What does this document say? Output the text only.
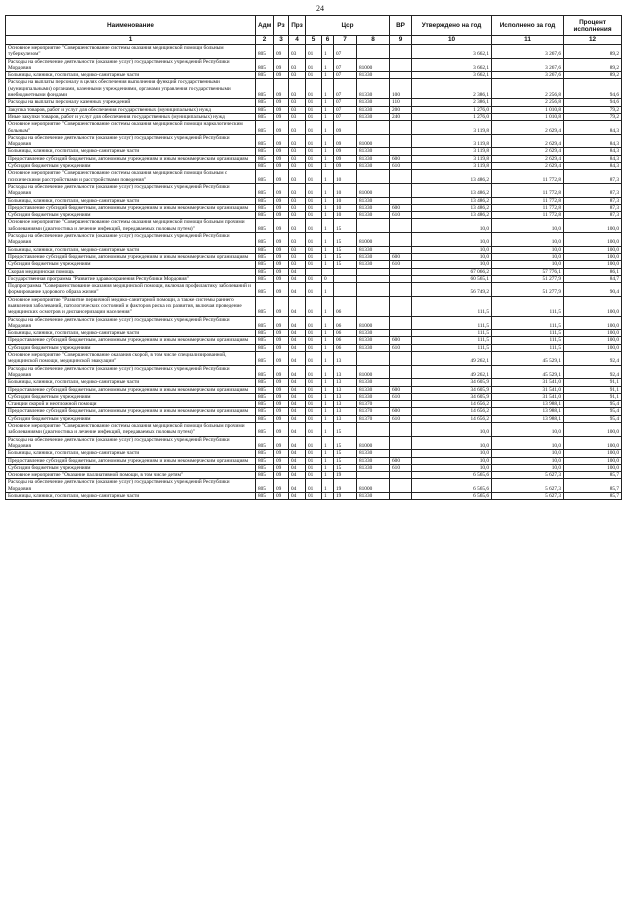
24
Наименование	Адм	Рз	Прз	Цср				ВР	Утверждено на год	Исполнено за год	Процент исполнения
1	2	3	4	5	6	7	8	9	10	11	12
Основное мероприятие "Совершенствование системы оказания медицинской помощи больным туберкулезом"	805	09	03	01	1	07			3 662,1	3 267,6	89,2
Расходы на обеспечение деятельности (оказание услуг) государственных учреждений Республики Мордовия	805	09	03	01	1	07	81000		3 662,1	3 267,6	89,2
Больницы, клиники, госпитали, медико-санитарные части	805	09	03	01	1	07	81330		3 662,1	3 267,6	89,2
Расходы на выплаты персоналу в целях обеспечения выполнения функций государственными (муниципальными) органами, казенными учреждениями, органами управления государственными внебюджетными фондами	805	09	03	01	1	07	81330	100	2 386,1	2 256,8	94,6
Расходы на выплаты персоналу казенных учреждений	805	09	03	01	1	07	81330	110	2 386,1	2 256,8	94,6
Закупка товаров, работ и услуг для обеспечения государственных (муниципальных) нужд	805	09	03	01	1	07	81330	200	1 276,0	1 010,8	79,2
Иные закупки товаров, работ и услуг для обеспечения государственных (муниципальных) нужд	805	09	03	01	1	07	81330	240	1 276,0	1 010,8	79,2
Основное мероприятие "Совершенствование системы оказания медицинской помощи наркологическим больным"	805	09	03	01	1	09			3 119,8	2 629,4	84,3
Расходы на обеспечение деятельности (оказание услуг) государственных учреждений Республики Мордовия	805	09	03	01	1	09	81000		3 119,8	2 629,4	84,3
Больницы, клиники, госпитали, медико-санитарные части	805	09	03	01	1	09	81330		3 119,8	2 629,4	84,3
Предоставление субсидий бюджетным, автономным учреждениям и иным некоммерческим организациям	805	09	03	01	1	09	81330	600	3 119,8	2 629,4	84,3
Субсидии бюджетным учреждениям	805	09	03	01	1	09	81330	610	3 119,8	2 629,4	84,3
Основное мероприятие "Совершенствование системы оказания медицинской помощи больным с психическими расстройствами и расстройствами поведения"	805	09	03	01	1	10			13 486,2	11 772,8	87,3
Расходы на обеспечение деятельности (оказание услуг) государственных учреждений Республики Мордовия	805	09	03	01	1	10	81000		13 486,2	11 772,8	87,3
Больницы, клиники, госпитали, медико-санитарные части	805	09	03	01	1	10	81330		13 486,2	11 772,8	87,3
Предоставление субсидий бюджетным, автономным учреждениям и иным некоммерческим организациям	805	09	03	01	1	10	81330	600	13 486,2	11 772,8	87,3
Субсидии бюджетным учреждениям	805	09	03	01	1	10	81330	610	13 486,2	11 772,8	87,3
Основное мероприятие "Совершенствование системы оказания медицинской помощи больным прочими заболеваниями (диагностика и лечение инфекций, передаваемых половым путем)"	805	09	03	01	1	15			10,0	10,0	100,0
Расходы на обеспечение деятельности (оказание услуг) государственных учреждений Республики Мордовия	805	09	03	01	1	15	81000		10,0	10,0	100,0
Больницы, клиники, госпитали, медико-санитарные части	805	09	03	01	1	15	81330		10,0	10,0	100,0
Предоставление субсидий бюджетным, автономным учреждениям и иным некоммерческим организациям	805	09	03	01	1	15	81330	600	10,0	10,0	100,0
Субсидии бюджетным учреждениям	805	09	03	01	1	15	81330	610	10,0	10,0	100,0
Скорая медицинская помощь	805	09	04						67 066,2	57 776,1	86,1
Государственная программа "Развитие здравоохранения Республики Мордовия"	805	09	04	01	0				60 565,1	51 277,9	84,7
Подпрограмма "Совершенствование оказания медицинской помощи, включая профилактику заболеваний и формирование здорового образа жизни"	805	09	04	01	1				56 749,2	51 277,9	90,4
Основное мероприятие "Развитие первичной медико-санитарной помощи, а также системы раннего выявления заболеваний, патологических состояний и факторов риска их развития, включая проведение медицинских осмотров и диспансеризации населения"	805	09	04	01	1	06			111,5	111,5	100,0
Расходы на обеспечение деятельности (оказание услуг) государственных учреждений Республики Мордовия	805	09	04	01	1	06	81000		111,5	111,5	100,0
Больницы, клиники, госпитали, медико-санитарные части	805	09	04	01	1	06	81330		111,5	111,5	100,0
Предоставление субсидий бюджетным, автономным учреждениям и иным некоммерческим организациям	805	09	04	01	1	06	81330	600	111,5	111,5	100,0
Субсидии бюджетным учреждениям	805	09	04	01	1	06	81330	610	111,5	111,5	100,0
Основное мероприятие "Совершенствование оказания скорой, в том числе специализированной, медицинской помощи, медицинской эвакуации"	805	09	04	01	1	13			49 262,1	45 529,1	92,4
Расходы на обеспечение деятельности (оказание услуг) государственных учреждений Республики Мордовия	805	09	04	01	1	13	81000		49 262,1	45 529,1	92,4
Больницы, клиники, госпитали, медико-санитарные части	805	09	04	01	1	13	81330		34 605,9	31 541,0	91,1
Предоставление субсидий бюджетным, автономным учреждениям и иным некоммерческим организациям	805	09	04	01	1	13	81330	600	34 605,9	31 541,0	91,1
Субсидии бюджетным учреждениям	805	09	04	01	1	13	81330	610	34 605,9	31 541,0	91,1
Станции скорой и неотложной помощи	805	09	04	01	1	13	81370		14 656,2	13 988,1	95,4
Предоставление субсидий бюджетным, автономным учреждениям и иным некоммерческим организациям	805	09	04	01	1	13	81370	600	14 656,2	13 988,1	95,4
Субсидии бюджетным учреждениям	805	09	04	01	1	13	81370	610	14 656,2	13 988,1	95,4
Основное мероприятие "Совершенствование системы оказания медицинской помощи больным прочими заболеваниями (диагностика и лечение инфекций, передаваемых половым путем)"	805	09	04	01	1	15			10,0	10,0	100,0
Расходы на обеспечение деятельности (оказание услуг) государственных учреждений Республики Мордовия	805	09	04	01	1	15	81000		10,0	10,0	100,0
Больницы, клиники, госпитали, медико-санитарные части	805	09	04	01	1	15	81330		10,0	10,0	100,0
Предоставление субсидий бюджетным, автономным учреждениям и иным некоммерческим организациям	805	09	04	01	1	15	81330	600	10,0	10,0	100,0
Субсидии бюджетным учреждениям	805	09	04	01	1	15	81330	610	10,0	10,0	100,0
Основное мероприятие "Оказание паллиативной помощи, в том числе детям"	805	09	04	01	1	19			6 565,6	5 627,3	85,7
Расходы на обеспечение деятельности (оказание услуг) государственных учреждений Республики Мордовия	805	09	04	01	1	19	81000		6 565,6	5 627,3	85,7
Больницы, клиники, госпитали, медико-санитарные части	805	09	04	01	1	19	81330		6 565,6	5 627,3	85,7
